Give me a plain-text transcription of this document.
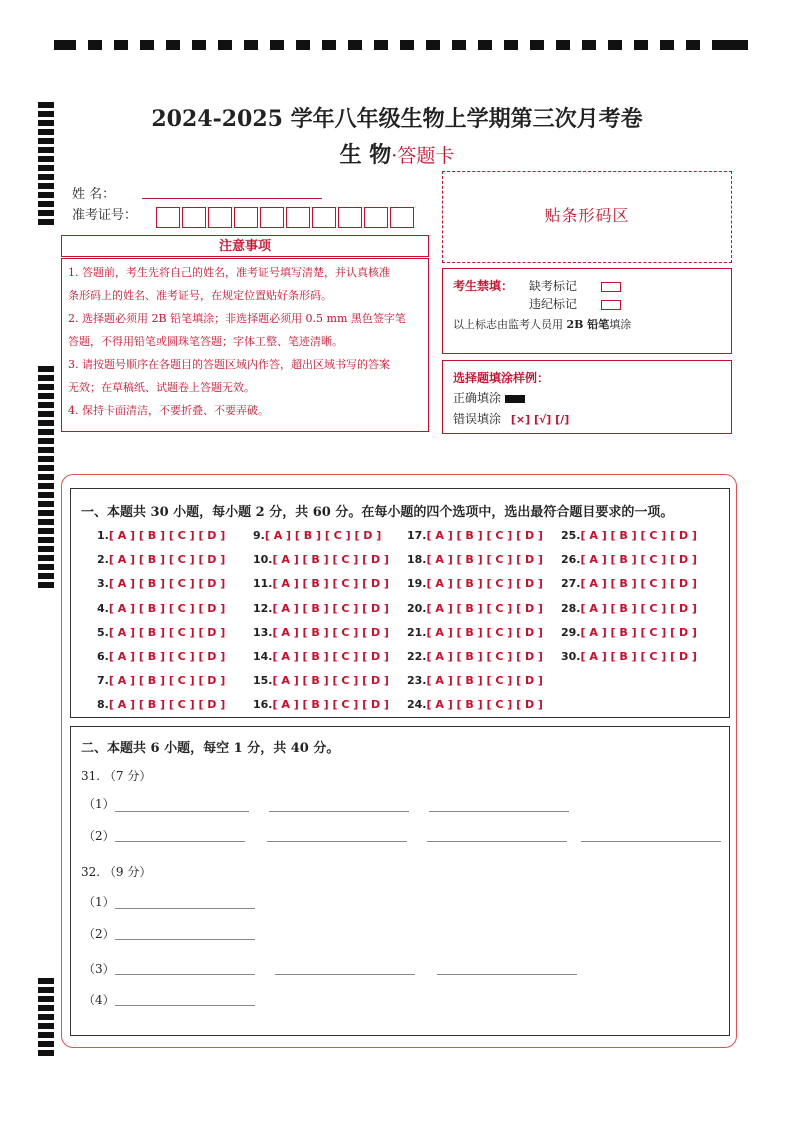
2024-2025 学年八年级生物上学期第三次月考卷
生 物·答题卡
姓 名：
准考证号：
注意事项
1. 答题前，考生先将自己的姓名，准考证号填写清楚，并认真核准
条形码上的姓名、准考证号，在规定位置贴好条形码。
2. 选择题必须用 2B 铅笔填涂；非选择题必须用 0.5 mm 黑色签字笔
答题，不得用铅笔或圆珠笔答题；字体工整、笔迹清晰。
3. 请按题号顺序在各题目的答题区域内作答，超出区域书写的答案
无效；在草稿纸、试题卷上答题无效。
4. 保持卡面清洁，不要折叠、不要弄破。
贴条形码区
考生禁填： 缺考标记
违纪标记
以上标志由监考人员用 2B 铅笔填涂
选择题填涂样例：
正确填涂
错误填涂 [×] [√] [/]
一、本题共 30 小题，每小题 2 分，共 60 分。在每小题的四个选项中，选出最符合题目要求的一项。
1.[ A ] [ B ] [ C ] [ D ]
2.[ A ] [ B ] [ C ] [ D ]
3.[ A ] [ B ] [ C ] [ D ]
4.[ A ] [ B ] [ C ] [ D ]
5.[ A ] [ B ] [ C ] [ D ]
6.[ A ] [ B ] [ C ] [ D ]
7.[ A ] [ B ] [ C ] [ D ]
8.[ A ] [ B ] [ C ] [ D ]
9.[ A ] [ B ] [ C ] [ D ]
10.[ A ] [ B ] [ C ] [ D ]
11.[ A ] [ B ] [ C ] [ D ]
12.[ A ] [ B ] [ C ] [ D ]
13.[ A ] [ B ] [ C ] [ D ]
14.[ A ] [ B ] [ C ] [ D ]
15.[ A ] [ B ] [ C ] [ D ]
16.[ A ] [ B ] [ C ] [ D ]
17.[ A ] [ B ] [ C ] [ D ]
18.[ A ] [ B ] [ C ] [ D ]
19.[ A ] [ B ] [ C ] [ D ]
20.[ A ] [ B ] [ C ] [ D ]
21.[ A ] [ B ] [ C ] [ D ]
22.[ A ] [ B ] [ C ] [ D ]
23.[ A ] [ B ] [ C ] [ D ]
24.[ A ] [ B ] [ C ] [ D ]
25.[ A ] [ B ] [ C ] [ D ]
26.[ A ] [ B ] [ C ] [ D ]
27.[ A ] [ B ] [ C ] [ D ]
28.[ A ] [ B ] [ C ] [ D ]
29.[ A ] [ B ] [ C ] [ D ]
30.[ A ] [ B ] [ C ] [ D ]
二、本题共 6 小题，每空 1 分，共 40 分。
31. （7 分）
（1）
（2）
32. （9 分）
（1）
（2）
（3）
（4）
